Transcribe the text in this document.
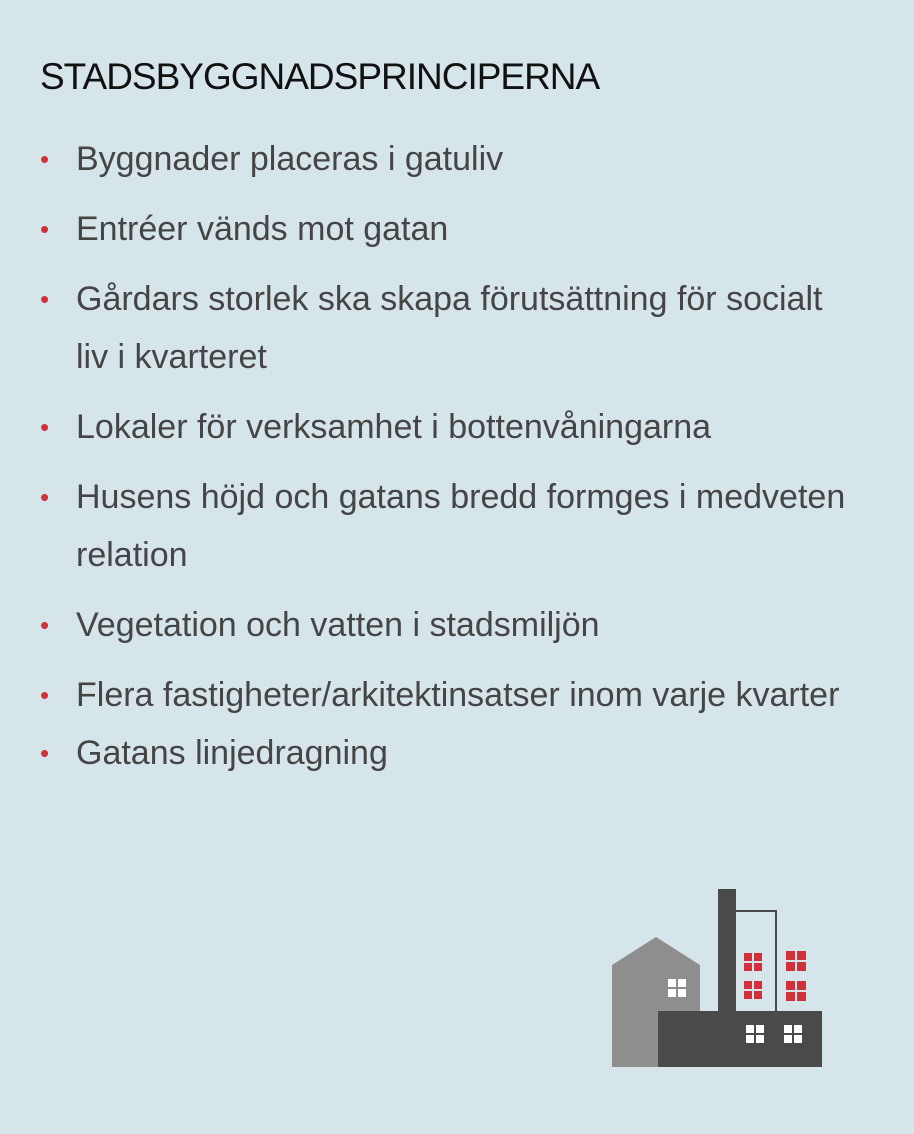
STADSBYGGNADSPRINCIPERNA
• Byggnader placeras i gatuliv
• Entréer vänds mot gatan
• Gårdars storlek ska skapa förutsättning för socialt liv i kvarteret
• Lokaler för verksamhet i bottenvåningarna
• Husens höjd och gatans bredd formges i medveten relation
• Vegetation och vatten i stadsmiljön
• Flera fastigheter/arkitektinsatser inom varje kvarter
• Gatans linjedragning
